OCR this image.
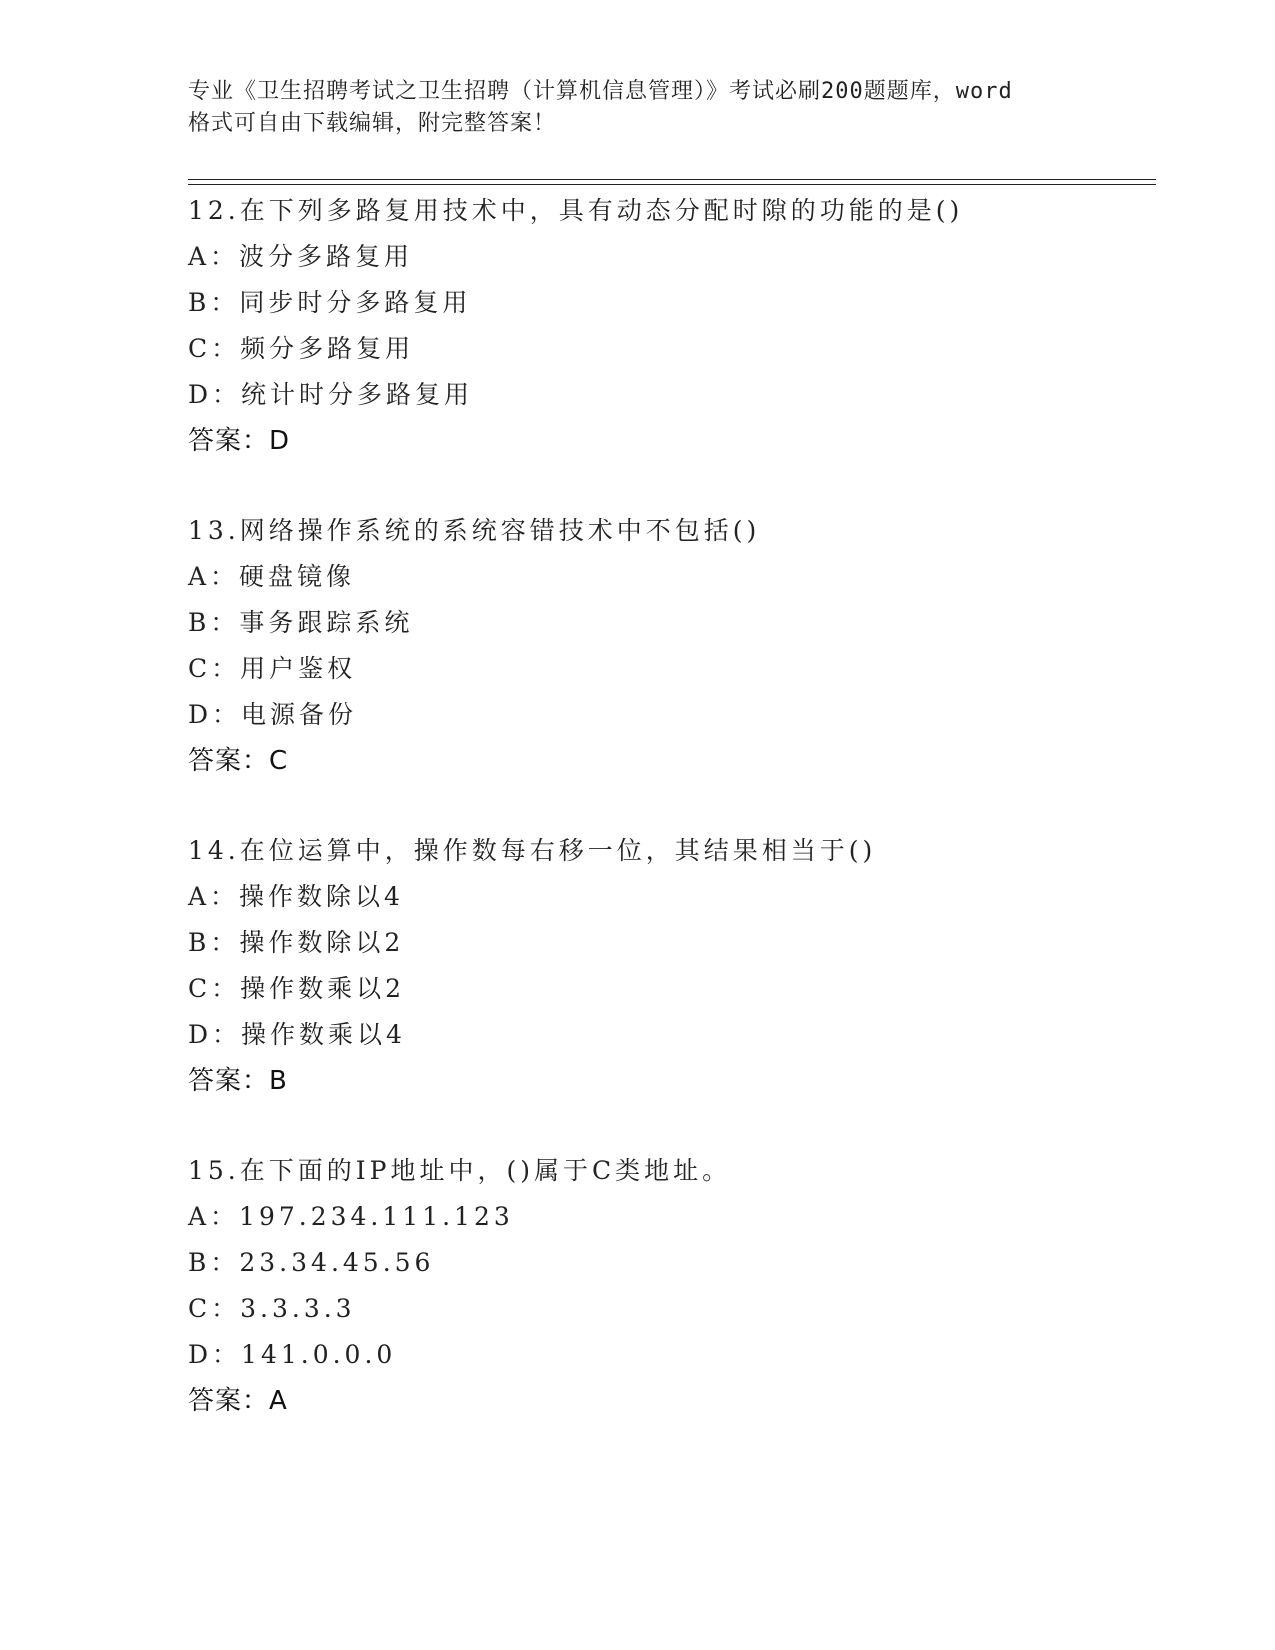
专业《卫生招聘考试之卫生招聘（计算机信息管理）》考试必刷200题题库，word
格式可自由下载编辑，附完整答案！
12.在下列多路复用技术中，具有动态分配时隙的功能的是()
A：波分多路复用
B：同步时分多路复用
C：频分多路复用
D：统计时分多路复用
答案：D
13.网络操作系统的系统容错技术中不包括()
A：硬盘镜像
B：事务跟踪系统
C：用户鉴权
D：电源备份
答案：C
14.在位运算中，操作数每右移一位，其结果相当于()
A：操作数除以4
B：操作数除以2
C：操作数乘以2
D：操作数乘以4
答案：B
15.在下面的IP地址中，()属于C类地址。
A：197.234.111.123
B：23.34.45.56
C：3.3.3.3
D：141.0.0.0
答案：A
